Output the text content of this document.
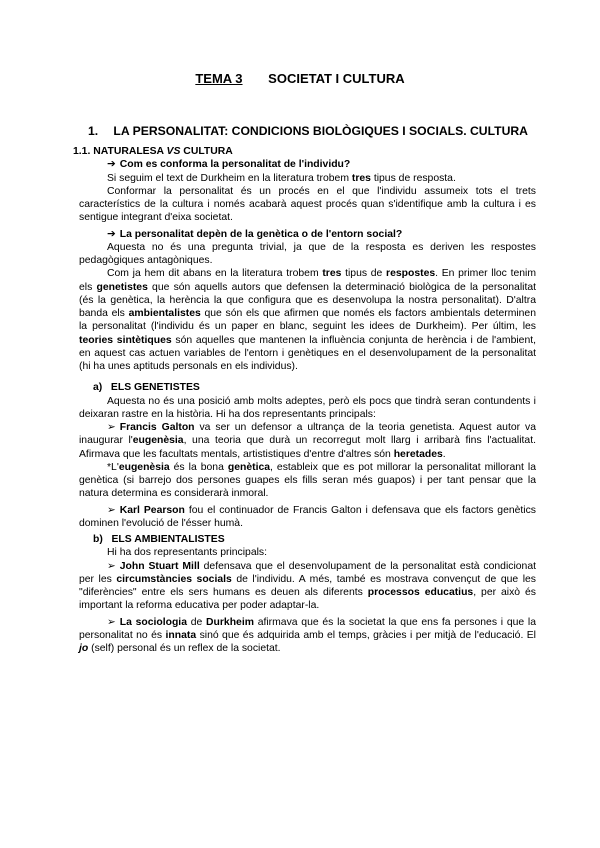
TEMA 3 SOCIETAT I CULTURA
1. LA PERSONALITAT: CONDICIONS BIOLÒGIQUES I SOCIALS. CULTURA

1.1. NATURALESA VS CULTURA

➔ Com es conforma la personalitat de l'individu?

Si seguim el text de Durkheim en la literatura trobem tres tipus de resposta.

Conformar la personalitat és un procés en el que l'individu assumeix tots el trets característics de la cultura i només acabarà aquest procés quan s'identifique amb la cultura i es sentigue integrant d'eixa societat.

➔ La personalitat depèn de la genètica o de l'entorn social?

Aquesta no és una pregunta trivial, ja que de la resposta es deriven les respostes pedagògiques antagòniques.

Com ja hem dit abans en la literatura trobem tres tipus de respostes. En primer lloc tenim els genetistes que són aquells autors que defensen la determinació biològica de la personalitat (és la genètica, la herència la que configura que es desenvolupa la nostra personalitat). D'altra banda els ambientalistes que són els que afirmen que només els factors ambientals determinen la personalitat (l'individu és un paper en blanc, seguint les idees de Durkheim). Per últim, les teories sintètiques són aquelles que mantenen la influència conjunta de herència i de l'ambient, en aquest cas actuen variables de l'entorn i genètiques en el desenvolupament de la personalitat (hi ha unes aptituds personals en els individus).

a) ELS GENETISTES

Aquesta no és una posició amb molts adeptes, però els pocs que tindrà seran contundents i deixaran rastre en la història. Hi ha dos representants principals:

➢ Francis Galton va ser un defensor a ultrança de la teoria genetista. Aquest autor va inaugurar l'eugenèsia, una teoria que durà un recorregut molt llarg i arribarà fins l'actualitat. Afirmava que les facultats mentals, artististiques d'entre d'altres són heretades.

*L'eugenèsia és la bona genètica, estableix que es pot millorar la personalitat millorant la genètica (si barrejo dos persones guapes els fills seran més guapos) i per tant pensar que la natura determina es considerarà inmoral.

➢ Karl Pearson fou el continuador de Francis Galton i defensava que els factors genètics dominen l'evolució de l'ésser humà.

b) ELS AMBIENTALISTES

Hi ha dos representants principals:

➢ John Stuart Mill defensava que el desenvolupament de la personalitat està condicionat per les circumstàncies socials de l'individu. A més, també es mostrava convençut de que les "diferències" entre els sers humans es deuen als diferents processos educatius, per això és important la reforma educativa per poder adaptar-la.

➢ La sociologia de Durkheim afirmava que és la societat la que ens fa persones i que la personalitat no és innata sinó que és adquirida amb el temps, gràcies i per mitjà de l'educació. El jo (self) personal és un reflex de la societat.
